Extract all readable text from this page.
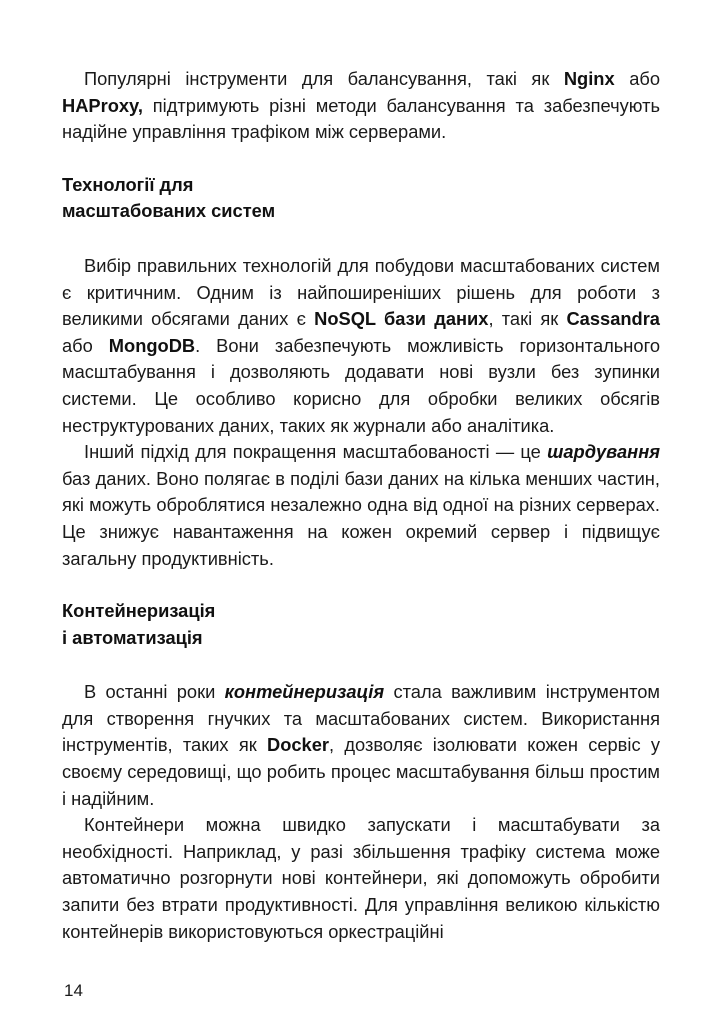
Популярні інструменти для балансування, такі як Nginx або HAProxy, підтримують різні методи балансування та забезпечують надійне управління трафіком між серверами.

Технології для
масштабованих систем

Вибір правильних технологій для побудови масштабованих систем є критичним. Одним із найпоширеніших рішень для роботи з великими обсягами даних є NoSQL бази даних, такі як Cassandra або MongoDB. Вони забезпечують можливість горизонтального масштабування і дозволяють додавати нові вузли без зупинки системи. Це особливо корисно для обробки великих обсягів неструктурованих даних, таких як журнали або аналітика.

Інший підхід для покращення масштабованості — це шардування баз даних. Воно полягає в поділі бази даних на кілька менших частин, які можуть оброблятися незалежно одна від одної на різних серверах. Це знижує навантаження на кожен окремий сервер і підвищує загальну продуктивність.

Контейнеризація
і автоматизація

В останні роки контейнеризація стала важливим інструментом для створення гнучких та масштабованих систем. Використання інструментів, таких як Docker, дозволяє ізолювати кожен сервіс у своєму середовищі, що робить процес масштабування більш простим і надійним.

Контейнери можна швидко запускати і масштабувати за необхідності. Наприклад, у разі збільшення трафіку система може автоматично розгорнути нові контейнери, які допоможуть обробити запити без втрати продуктивності. Для управління великою кількістю контейнерів використовуються оркестраційні

14
